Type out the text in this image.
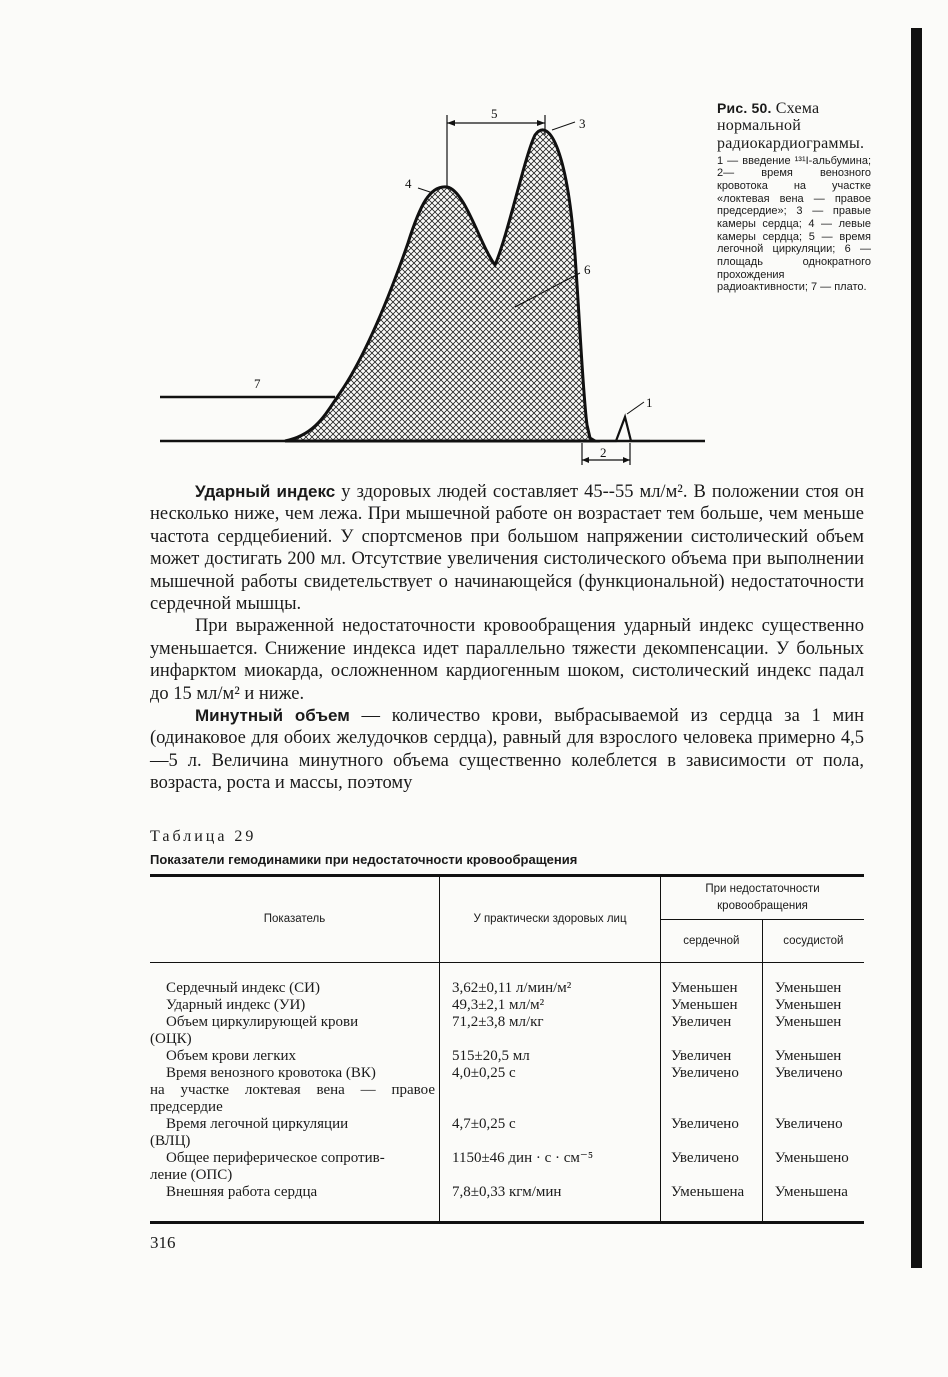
5
3
4
6
7
1
2
Рис. 50. Схема нормальной радиокардиограммы.
1 — введение ¹³¹I-альбумина; 2— время венозного кровотока на участке «локтевая вена — правое предсердие»; 3 — правые камеры сердца; 4 — левые камеры сердца; 5 — время легочной циркуляции; 6 — площадь однократного прохождения радиоактивности; 7 — плато.

Ударный индекс у здоровых людей составляет 45--55 мл/м². В положении стоя он несколько ниже, чем лежа. При мышечной работе он возрастает тем больше, чем меньше частота сердцебиений. У спортсменов при большом напряжении систолический объем может достигать 200 мл. Отсутствие увеличения систолического объема при выполнении мышечной работы свидетельствует о начинающейся (функциональной) недостаточности сердечной мышцы.

При выраженной недостаточности кровообращения ударный индекс существенно уменьшается. Снижение индекса идет параллельно тяжести декомпенсации. У больных инфарктом миокарда, осложненном кардиогенным шоком, систолический индекс падал до 15 мл/м² и ниже.

Минутный объем — количество крови, выбрасываемой из сердца за 1 мин (одинаковое для обоих желудочков сердца), равный для взрослого человека примерно 4,5—5 л. Величина минутного объема существенно колеблется в зависимости от пола, возраста, роста и массы, поэтому

Таблица 29
Показатели гемодинамики при недостаточности кровообращения
Показатель	У практически здоровых лиц	При недостаточности кровообращения	
		сердечной	сосудистой

Сердечный индекс (СИ)	3,62±0,11 л/мин/м²	Уменьшен	Уменьшен

Ударный индекс (УИ)	49,3±2,1 мл/м²	Уменьшен	Уменьшен

Объем циркулирующей крови
(ОЦК)	71,2±3,8 мл/кг	Увеличен	Уменьшен

Объем крови легких	515±20,5 мл	Увеличен	Уменьшен

Время венозного кровотока (ВК)
на участке локтевая вена — правое предсердие	4,0±0,25 с	Увеличено	Увеличено

Время легочной циркуляции
(ВЛЦ)	4,7±0,25 с	Увеличено	Увеличено

Общее периферическое сопротив-
ление (ОПС)	1150±46 дин · с · см⁻⁵	Увеличено	Уменьшено

Внешняя работа сердца	7,8±0,33 кгм/мин	Уменьшена	Уменьшена
316
